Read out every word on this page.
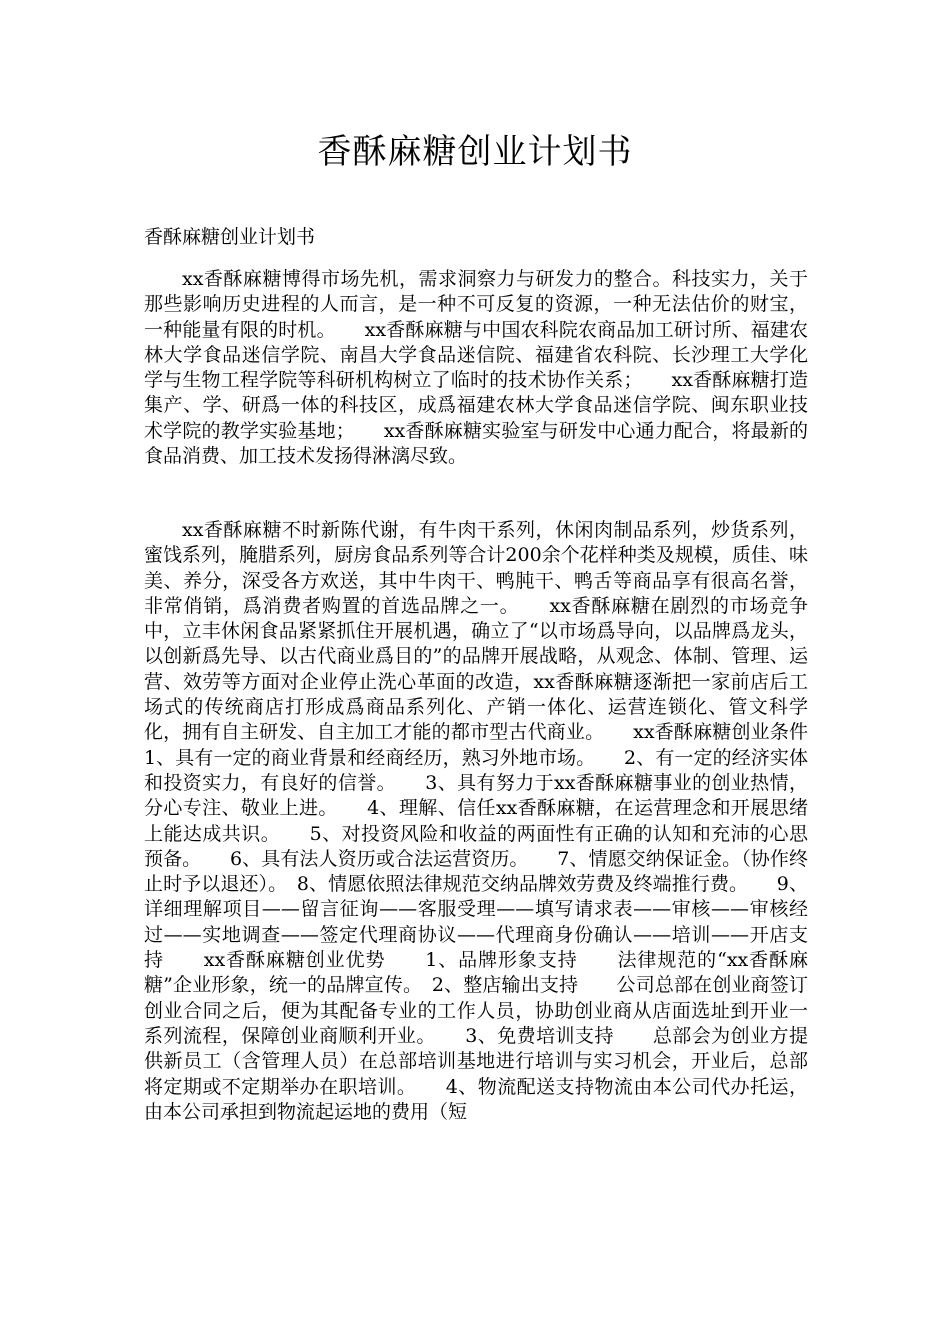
香酥麻糖创业计划书

香酥麻糖创业计划书

xx香酥麻糖博得市场先机，需求洞察力与研发力的整合。科技实力，关于那些影响历史进程的人而言，是一种不可反复的资源，一种无法估价的财宝，一种能量有限的时机。　　xx香酥麻糖与中国农科院农商品加工研讨所、福建农林大学食品迷信学院、南昌大学食品迷信院、福建省农科院、长沙理工大学化学与生物工程学院等科研机构树立了临时的技术协作关系；　　xx香酥麻糖打造集产、学、研爲一体的科技区，成爲福建农林大学食品迷信学院、闽东职业技术学院的教学实验基地；　　xx香酥麻糖实验室与研发中心通力配合，将最新的食品消费、加工技术发扬得淋漓尽致。

xx香酥麻糖不时新陈代谢，有牛肉干系列，休闲肉制品系列，炒货系列，蜜饯系列，腌腊系列，厨房食品系列等合计200余个花样种类及规模，质佳、味美、养分，深受各方欢送，其中牛肉干、鸭肫干、鸭舌等商品享有很高名誉，非常俏销，爲消费者购置的首选品牌之一。　　xx香酥麻糖在剧烈的市场竞争中，立丰休闲食品紧紧抓住开展机遇，确立了“以市场爲导向，以品牌爲龙头，以创新爲先导、以古代商业爲目的”的品牌开展战略，从观念、体制、管理、运营、效劳等方面对企业停止洗心革面的改造，xx香酥麻糖逐渐把一家前店后工场式的传统商店打形成爲商品系列化、产销一体化、运营连锁化、管文科学化，拥有自主研发、自主加工才能的都市型古代商业。　　xx香酥麻糖创业条件　　1、具有一定的商业背景和经商经历，熟习外地市场。　　2、有一定的经济实体和投资实力，有良好的信誉。　　3、具有努力于xx香酥麻糖事业的创业热情，分心专注、敬业上进。　　4、理解、信任xx香酥麻糖，在运营理念和开展思绪上能达成共识。　　5、对投资风险和收益的两面性有正确的认知和充沛的心思预备。　　6、具有法人资历或合法运营资历。　　7、情愿交纳保证金。（协作终止时予以退还）。　8、情愿依照法律规范交纳品牌效劳费及终端推行费。　　9、详细理解项目——留言征询——客服受理——填写请求表——审核——审核经过——实地调查——签定代理商协议——代理商身份确认——培训——开店支持　　xx香酥麻糖创业优势　　1、品牌形象支持　　法律规范的“xx香酥麻糖”企业形象，统一的品牌宣传。　2、整店输出支持　　公司总部在创业商签订创业合同之后，便为其配备专业的工作人员，协助创业商从店面选址到开业一系列流程，保障创业商顺利开业。　　3、免费培训支持　　总部会为创业方提供新员工（含管理人员）在总部培训基地进行培训与实习机会，开业后，总部将定期或不定期举办在职培训。　　4、物流配送支持物流由本公司代办托运，由本公司承担到物流起运地的费用（短
